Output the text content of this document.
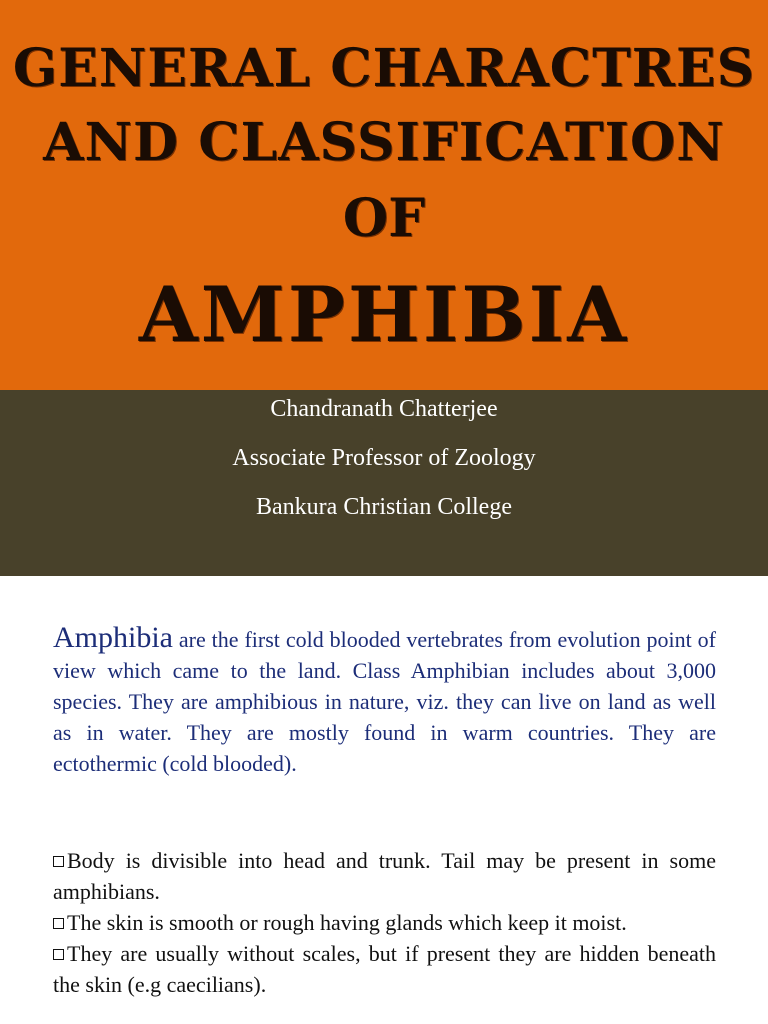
GENERAL CHARACTRES
AND CLASSIFICATION
OF
AMPHIBIA
Chandranath Chatterjee
Associate Professor of Zoology
Bankura Christian College
Amphibia are the first cold blooded vertebrates from evolution point of view which came to the land. Class Amphibian includes about 3,000 species. They are amphibious in nature, viz. they can live on land as well as in water. They are mostly found in warm countries. They are ectothermic (cold blooded).

Body is divisible into head and trunk. Tail may be present in some amphibians.

The skin is smooth or rough having glands which keep it moist.

They are usually without scales, but if present they are hidden beneath the skin (e.g caecilians).
